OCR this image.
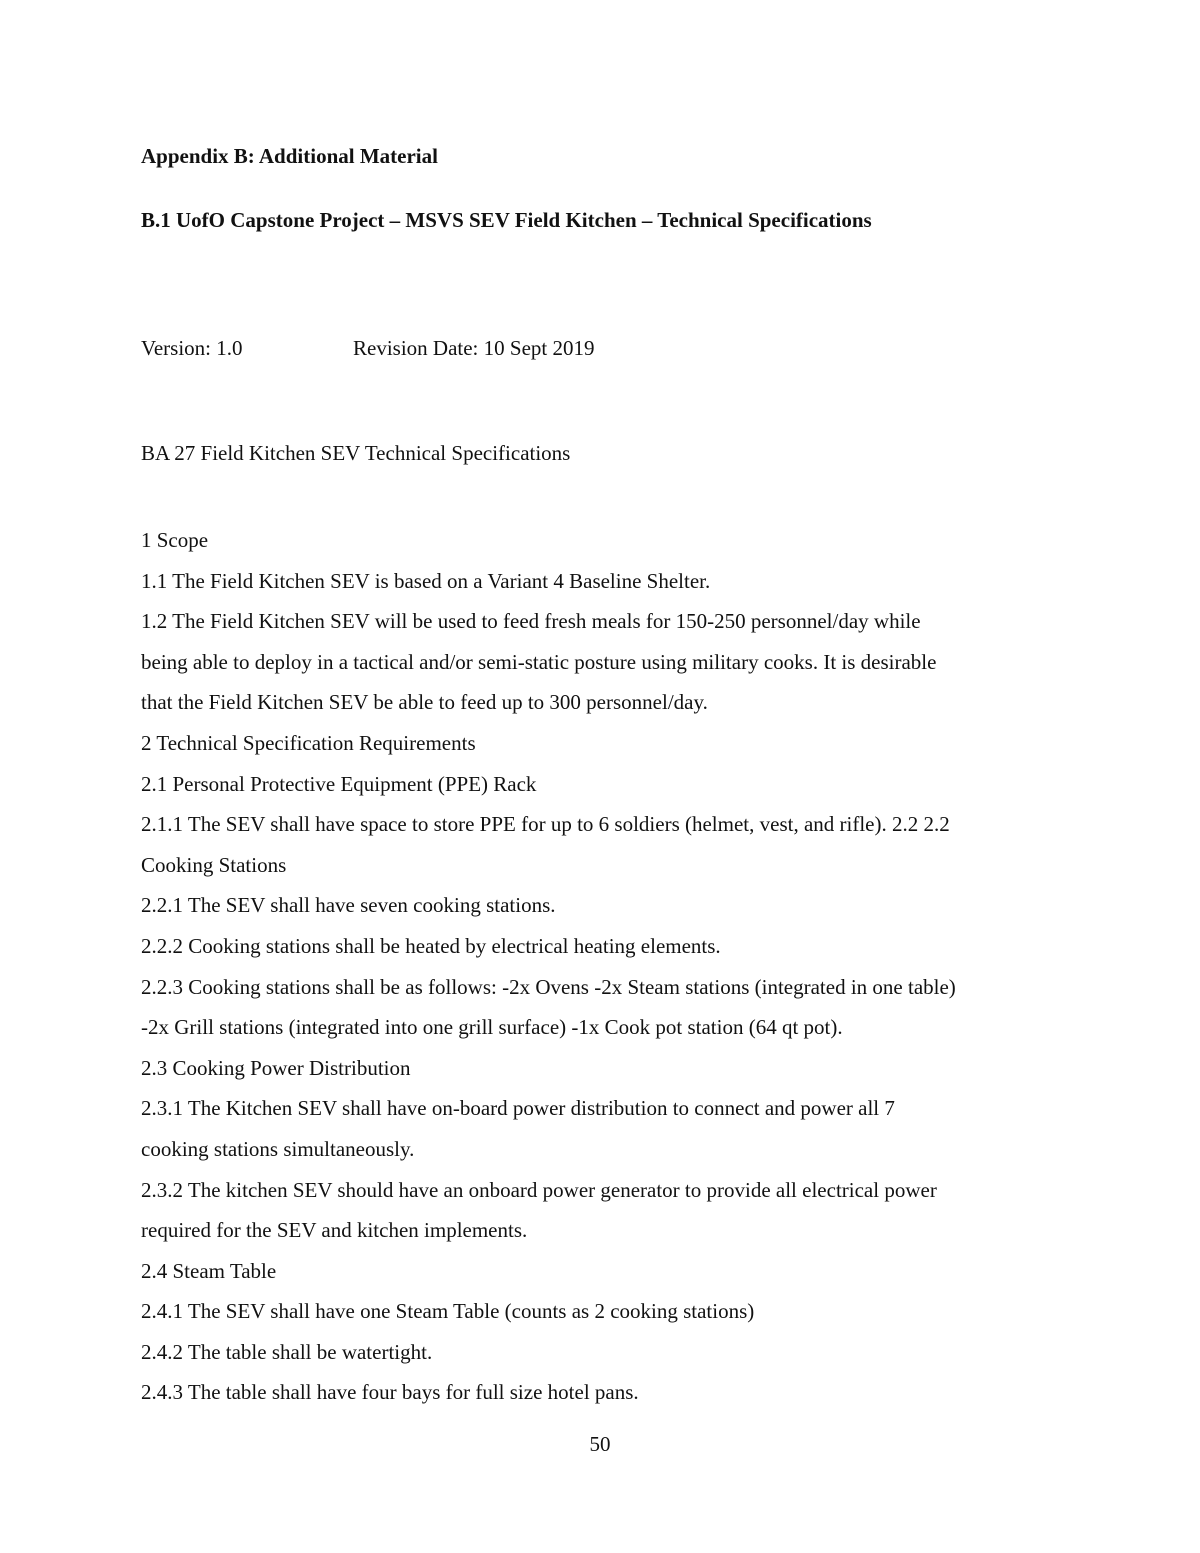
Appendix B: Additional Material
B.1 UofO Capstone Project – MSVS SEV Field Kitchen – Technical Specifications
Version: 1.0	Revision Date: 10 Sept 2019
BA 27 Field Kitchen SEV Technical Specifications
1 Scope
1.1 The Field Kitchen SEV is based on a Variant 4 Baseline Shelter.
1.2 The Field Kitchen SEV will be used to feed fresh meals for 150-250 personnel/day while
being able to deploy in a tactical and/or semi-static posture using military cooks. It is desirable
that the Field Kitchen SEV be able to feed up to 300 personnel/day.
2 Technical Specification Requirements
2.1 Personal Protective Equipment (PPE) Rack
2.1.1 The SEV shall have space to store PPE for up to 6 soldiers (helmet, vest, and rifle). 2.2 2.2
Cooking Stations
2.2.1 The SEV shall have seven cooking stations.
2.2.2 Cooking stations shall be heated by electrical heating elements.
2.2.3 Cooking stations shall be as follows: -2x Ovens -2x Steam stations (integrated in one table)
-2x Grill stations (integrated into one grill surface) -1x Cook pot station (64 qt pot).
2.3 Cooking Power Distribution
2.3.1 The Kitchen SEV shall have on-board power distribution to connect and power all 7
cooking stations simultaneously.
2.3.2 The kitchen SEV should have an onboard power generator to provide all electrical power
required for the SEV and kitchen implements.
2.4 Steam Table
2.4.1 The SEV shall have one Steam Table (counts as 2 cooking stations)
2.4.2 The table shall be watertight.
2.4.3 The table shall have four bays for full size hotel pans.
50
